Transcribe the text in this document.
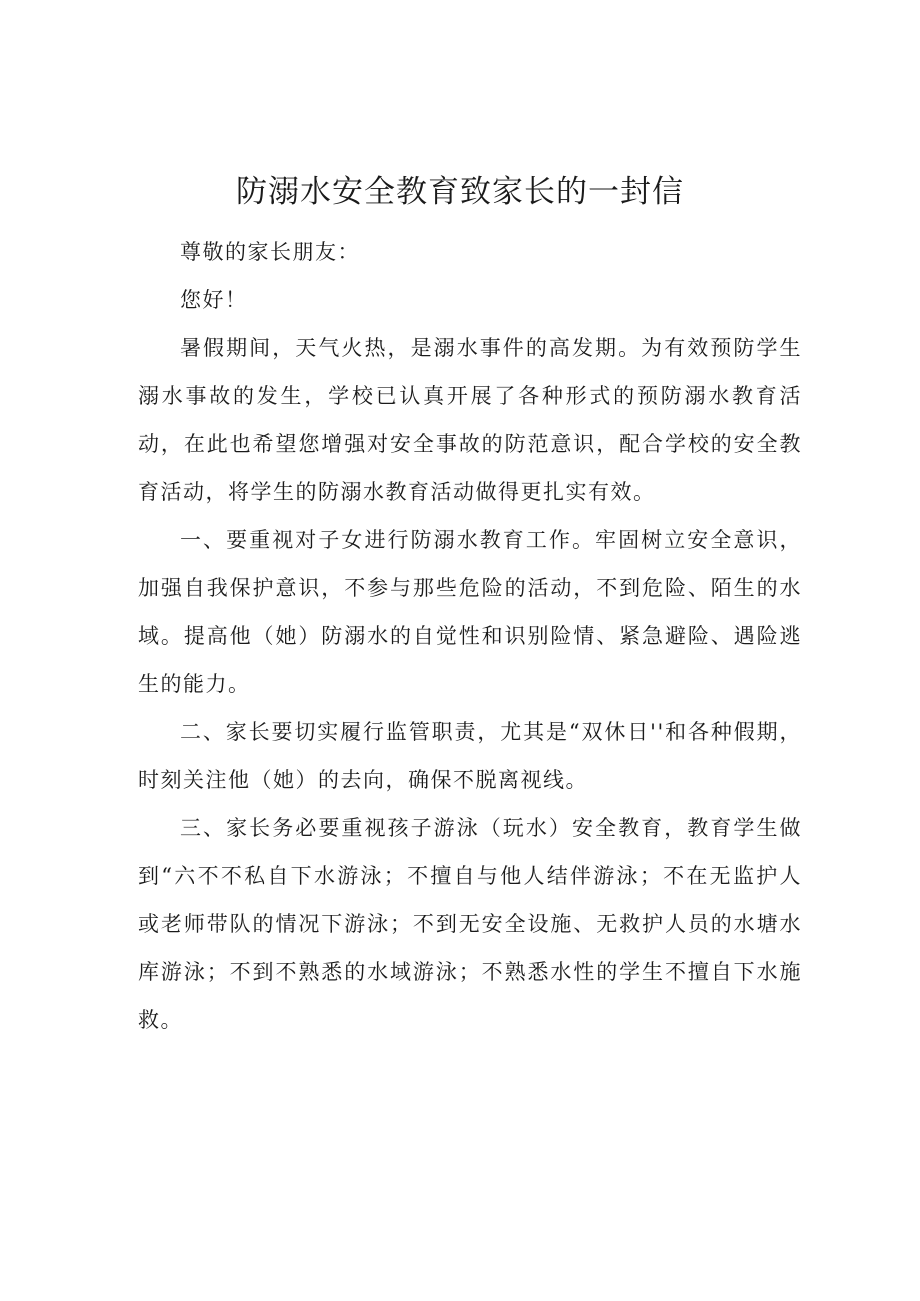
防溺水安全教育致家长的一封信

尊敬的家长朋友：

您好！

暑假期间，天气火热，是溺水事件的高发期。为有效预防学生溺水事故的发生，学校已认真开展了各种形式的预防溺水教育活动，在此也希望您增强对安全事故的防范意识，配合学校的安全教育活动，将学生的防溺水教育活动做得更扎实有效。

一、要重视对子女进行防溺水教育工作。牢固树立安全意识，加强自我保护意识，不参与那些危险的活动，不到危险、陌生的水域。提高他（她）防溺水的自觉性和识别险情、紧急避险、遇险逃生的能力。

二、家长要切实履行监管职责，尤其是“双休日''和各种假期，时刻关注他（她）的去向，确保不脱离视线。

三、家长务必要重视孩子游泳（玩水）安全教育，教育学生做到“六不不私自下水游泳；不擅自与他人结伴游泳；不在无监护人或老师带队的情况下游泳；不到无安全设施、无救护人员的水塘水库游泳；不到不熟悉的水域游泳；不熟悉水性的学生不擅自下水施救。
